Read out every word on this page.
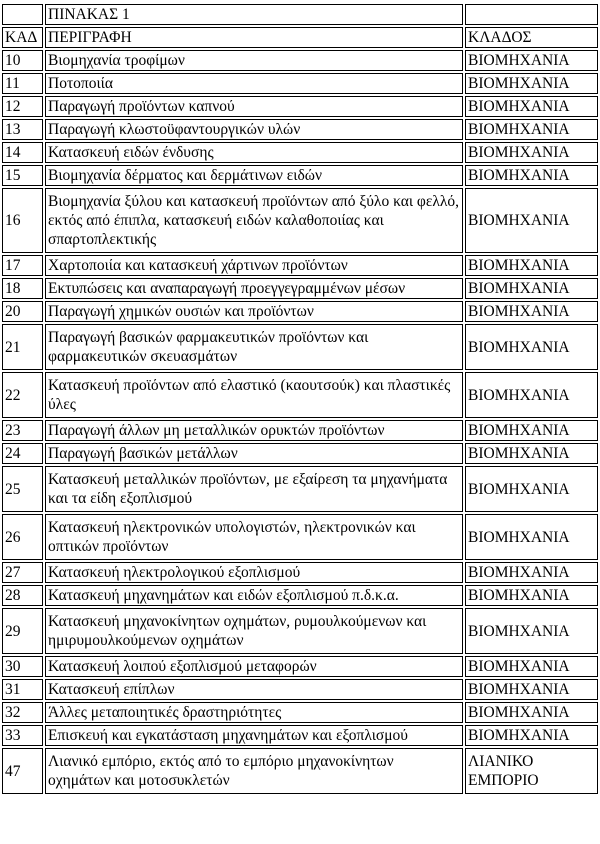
	ΠΙΝΑΚΑΣ 1	
ΚΑΔ	ΠΕΡΙΓΡΑΦΗ	ΚΛΑΔΟΣ
10	Βιομηχανία τροφίμων	ΒΙΟΜΗΧΑΝΙΑ
11	Ποτοποιία	ΒΙΟΜΗΧΑΝΙΑ
12	Παραγωγή προϊόντων καπνού	ΒΙΟΜΗΧΑΝΙΑ
13	Παραγωγή κλωστοϋφαντουργικών υλών	ΒΙΟΜΗΧΑΝΙΑ
14	Κατασκευή ειδών ένδυσης	ΒΙΟΜΗΧΑΝΙΑ
15	Βιομηχανία δέρματος και δερμάτινων ειδών	ΒΙΟΜΗΧΑΝΙΑ
16	Βιομηχανία ξύλου και κατασκευή προϊόντων από ξύλο και φελλό, εκτός από έπιπλα, κατασκευή ειδών καλαθοποιίας και σπαρτοπλεκτικής	ΒΙΟΜΗΧΑΝΙΑ
17	Χαρτοποιία και κατασκευή χάρτινων προϊόντων	ΒΙΟΜΗΧΑΝΙΑ
18	Εκτυπώσεις και αναπαραγωγή προεγγεγραμμένων μέσων	ΒΙΟΜΗΧΑΝΙΑ
20	Παραγωγή χημικών ουσιών και προϊόντων	ΒΙΟΜΗΧΑΝΙΑ
21	Παραγωγή βασικών φαρμακευτικών προϊόντων και φαρμακευτικών σκευασμάτων	ΒΙΟΜΗΧΑΝΙΑ
22	Κατασκευή προϊόντων από ελαστικό (καουτσούκ) και πλαστικές ύλες	ΒΙΟΜΗΧΑΝΙΑ
23	Παραγωγή άλλων μη μεταλλικών ορυκτών προϊόντων	ΒΙΟΜΗΧΑΝΙΑ
24	Παραγωγή βασικών μετάλλων	ΒΙΟΜΗΧΑΝΙΑ
25	Κατασκευή μεταλλικών προϊόντων, με εξαίρεση τα μηχανήματα και τα είδη εξοπλισμού	ΒΙΟΜΗΧΑΝΙΑ
26	Κατασκευή ηλεκτρονικών υπολογιστών, ηλεκτρονικών και οπτικών προϊόντων	ΒΙΟΜΗΧΑΝΙΑ
27	Κατασκευή ηλεκτρολογικού εξοπλισμού	ΒΙΟΜΗΧΑΝΙΑ
28	Κατασκευή μηχανημάτων και ειδών εξοπλισμού π.δ.κ.α.	ΒΙΟΜΗΧΑΝΙΑ
29	Κατασκευή μηχανοκίνητων οχημάτων, ρυμουλκούμενων και ημιρυμουλκούμενων οχημάτων	ΒΙΟΜΗΧΑΝΙΑ
30	Κατασκευή λοιπού εξοπλισμού μεταφορών	ΒΙΟΜΗΧΑΝΙΑ
31	Κατασκευή επίπλων	ΒΙΟΜΗΧΑΝΙΑ
32	Άλλες μεταποιητικές δραστηριότητες	ΒΙΟΜΗΧΑΝΙΑ
33	Επισκευή και εγκατάσταση μηχανημάτων και εξοπλισμού	ΒΙΟΜΗΧΑΝΙΑ
47	Λιανικό εμπόριο, εκτός από το εμπόριο μηχανοκίνητων οχημάτων και μοτοσυκλετών	ΛΙΑΝΙΚΟ ΕΜΠΟΡΙΟ
